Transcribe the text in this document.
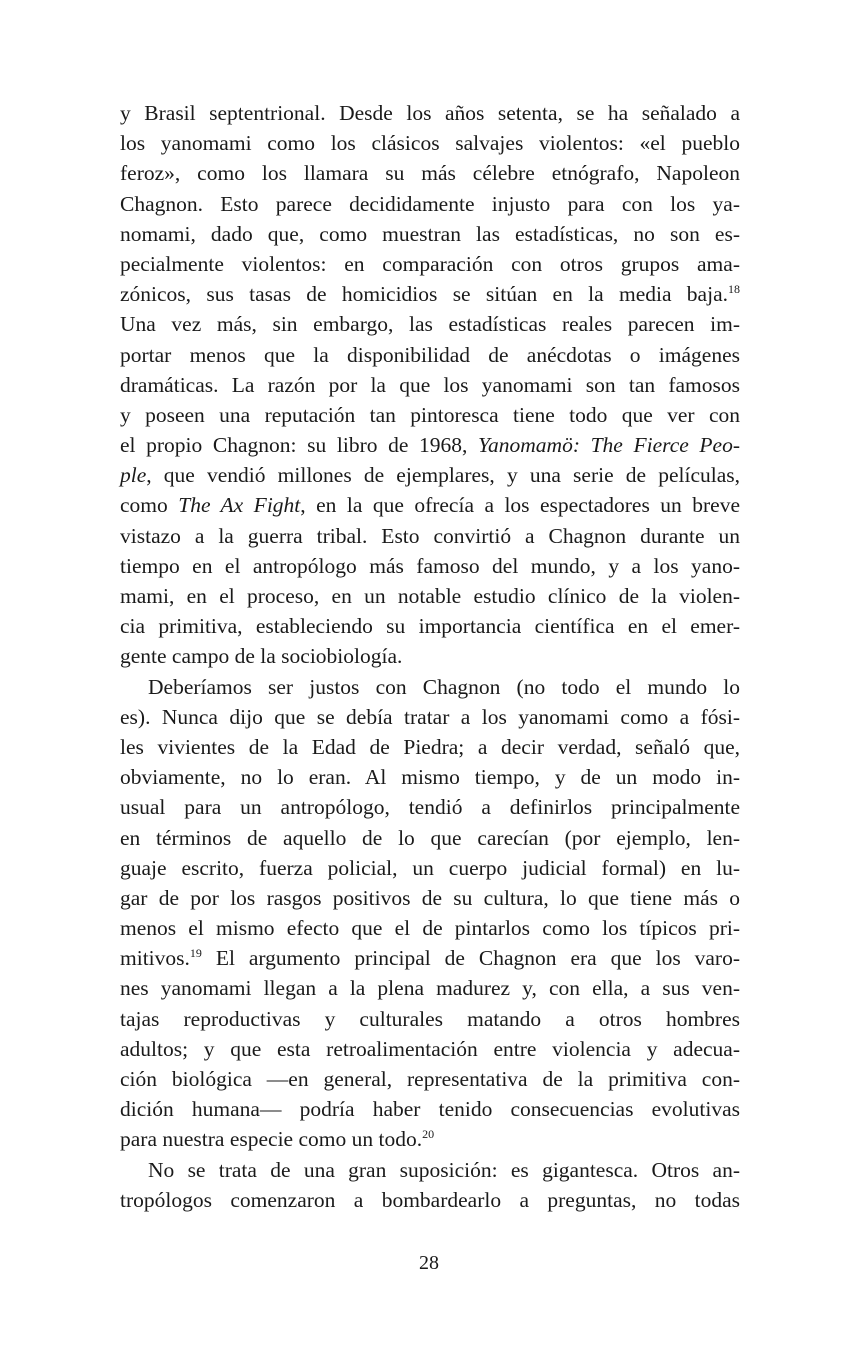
y Brasil septentrional. Desde los años setenta, se ha señalado a
los yanomami como los clásicos salvajes violentos: «el pueblo
feroz», como los llamara su más célebre etnógrafo, Napoleon
Chagnon. Esto parece decididamente injusto para con los ya-
nomami, dado que, como muestran las estadísticas, no son es-
pecialmente violentos: en comparación con otros grupos ama-
zónicos, sus tasas de homicidios se sitúan en la media baja.$^{18}$
Una vez más, sin embargo, las estadísticas reales parecen im-
portar menos que la disponibilidad de anécdotas o imágenes
dramáticas. La razón por la que los yanomami son tan famosos
y poseen una reputación tan pintoresca tiene todo que ver con
el propio Chagnon: su libro de 1968, Yanomamö: The Fierce Peo-
ple, que vendió millones de ejemplares, y una serie de películas,
como The Ax Fight, en la que ofrecía a los espectadores un breve
vistazo a la guerra tribal. Esto convirtió a Chagnon durante un
tiempo en el antropólogo más famoso del mundo, y a los yano-
mami, en el proceso, en un notable estudio clínico de la violen-
cia primitiva, estableciendo su importancia científica en el emer-
gente campo de la sociobiología.
Deberíamos ser justos con Chagnon (no todo el mundo lo
es). Nunca dijo que se debía tratar a los yanomami como a fósi-
les vivientes de la Edad de Piedra; a decir verdad, señaló que,
obviamente, no lo eran. Al mismo tiempo, y de un modo in-
usual para un antropólogo, tendió a definirlos principalmente
en términos de aquello de lo que carecían (por ejemplo, len-
guaje escrito, fuerza policial, un cuerpo judicial formal) en lu-
gar de por los rasgos positivos de su cultura, lo que tiene más o
menos el mismo efecto que el de pintarlos como los típicos pri-
mitivos.$^{19}$ El argumento principal de Chagnon era que los varo-
nes yanomami llegan a la plena madurez y, con ella, a sus ven-
tajas reproductivas y culturales matando a otros hombres
adultos; y que esta retroalimentación entre violencia y adecua-
ción biológica —en general, representativa de la primitiva con-
dición humana— podría haber tenido consecuencias evolutivas
para nuestra especie como un todo.$^{20}$
No se trata de una gran suposición: es gigantesca. Otros an-
tropólogos comenzaron a bombardearlo a preguntas, no todas
28
